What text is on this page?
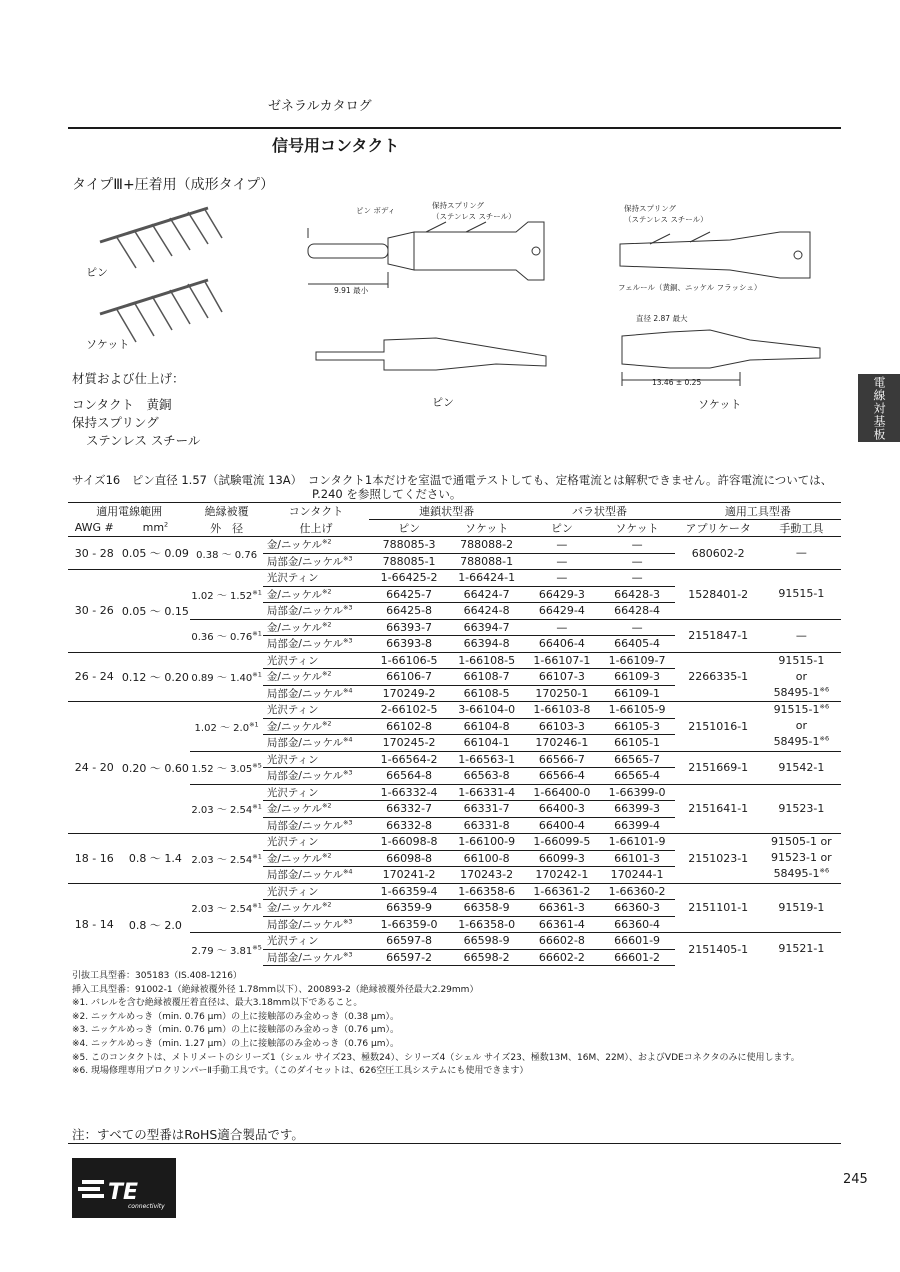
ゼネラルカタログ
信号用コンタクト
タイプⅢ+圧着用（成形タイプ）
電線対基板
ピン
ソケット
材質および仕上げ：
コンタクト　黄銅
保持スプリング
ステンレス スチール
ピン ボディ
保持スプリング
（ステンレス スチール）
9.91 最小
ピン
保持スプリング
（ステンレス スチール）
フェルール（黄銅、ニッケル フラッシュ）
直径 2.87 最大
13.46 ± 0.25
ソケット
サイズ16　ピン直径 1.57（試験電流 13A）　コンタクト1本だけを室温で通電テストしても、定格電流とは解釈できません。許容電流については、
P.240 を参照してください。
適用電線範囲		絶縁被覆	コンタクト	連鎖状型番		バラ状型番		適用工具型番	
AWG #	$mm^2$	外　径	仕上げ	ピン	ソケット	ピン	ソケット	アプリケータ	手動工具
30 - 28	0.05 ～ 0.09	0.38 ～ 0.76	金/ニッケル$^{※2}$	788085-3	788088-2	—	—	680602-2	—
			局部金/ニッケル$^{※3}$	788085-1	788088-1	—	—		
30 - 26	0.05 ～ 0.15	1.02 ～ 1.52$^{※1}$	光沢ティン	1-66425-2	1-66424-1	—	—	1528401-2	91515-1
			金/ニッケル$^{※2}$	66425-7	66424-7	66429-3	66428-3		
			局部金/ニッケル$^{※3}$	66425-8	66424-8	66429-4	66428-4		
		0.36 ～ 0.76$^{※1}$	金/ニッケル$^{※2}$	66393-7	66394-7	—	—	2151847-1	—
			局部金/ニッケル$^{※3}$	66393-8	66394-8	66406-4	66405-4		
26 - 24	0.12 ～ 0.20	0.89 ～ 1.40$^{※1}$	光沢ティン	1-66106-5	1-66108-5	1-66107-1	1-66109-7	2266335-1	91515-1
or
58495-1$^{※6}$

			金/ニッケル$^{※2}$	66106-7	66108-7	66107-3	66109-3		
			局部金/ニッケル$^{※4}$	170249-2	66108-5	170250-1	66109-1		
24 - 20	0.20 ～ 0.60	1.02 ～ 2.0$^{※1}$	光沢ティン	2-66102-5	3-66104-0	1-66103-8	1-66105-9	2151016-1	91515-1$^{※6}$
or
58495-1$^{※6}$

			金/ニッケル$^{※2}$	66102-8	66104-8	66103-3	66105-3		
			局部金/ニッケル$^{※4}$	170245-2	66104-1	170246-1	66105-1		
		1.52 ～ 3.05$^{※5}$	光沢ティン	1-66564-2	1-66563-1	66566-7	66565-7	2151669-1	91542-1
			局部金/ニッケル$^{※3}$	66564-8	66563-8	66566-4	66565-4		
		2.03 ～ 2.54$^{※1}$	光沢ティン	1-66332-4	1-66331-4	1-66400-0	1-66399-0	2151641-1	91523-1
			金/ニッケル$^{※2}$	66332-7	66331-7	66400-3	66399-3		
			局部金/ニッケル$^{※3}$	66332-8	66331-8	66400-4	66399-4		
18 - 16	0.8 ～ 1.4	2.03 ～ 2.54$^{※1}$	光沢ティン	1-66098-8	1-66100-9	1-66099-5	1-66101-9	2151023-1	91505-1 or
91523-1 or
58495-1$^{※6}$

			金/ニッケル$^{※2}$	66098-8	66100-8	66099-3	66101-3		
			局部金/ニッケル$^{※4}$	170241-2	170243-2	170242-1	170244-1		
18 - 14	0.8 ～ 2.0	2.03 ～ 2.54$^{※1}$	光沢ティン	1-66359-4	1-66358-6	1-66361-2	1-66360-2	2151101-1	91519-1
			金/ニッケル$^{※2}$	66359-9	66358-9	66361-3	66360-3		
			局部金/ニッケル$^{※3}$	1-66359-0	1-66358-0	66361-4	66360-4		
		2.79 ～ 3.81$^{※5}$	光沢ティン	66597-8	66598-9	66602-8	66601-9	2151405-1	91521-1
			局部金/ニッケル$^{※3}$	66597-2	66598-2	66602-2	66601-2		
引抜工具型番：305183（IS.408-1216）
挿入工具型番：91002-1（絶縁被覆外径 1.78mm以下）、200893-2（絶縁被覆外径最大2.29mm）
※1. バレルを含む絶縁被覆圧着直径は、最大3.18mm以下であること。
※2. ニッケルめっき（min. 0.76 μm）の上に接触部のみ金めっき（0.38 μm）。
※3. ニッケルめっき（min. 0.76 μm）の上に接触部のみ金めっき（0.76 μm）。
※4. ニッケルめっき（min. 1.27 μm）の上に接触部のみ金めっき（0.76 μm）。
※5. このコンタクトは、メトリメートのシリーズ1（シェル サイズ23、極数24）、シリーズ4（シェル サイズ23、極数13M、16M、22M）、およびVDEコネクタのみに使用します。
※6. 現場修理専用プロクリンパーⅡ手動工具です。（このダイセットは、626空圧工具システムにも使用できます）
注：すべての型番はRoHS適合製品です。
TE
connectivity
245
